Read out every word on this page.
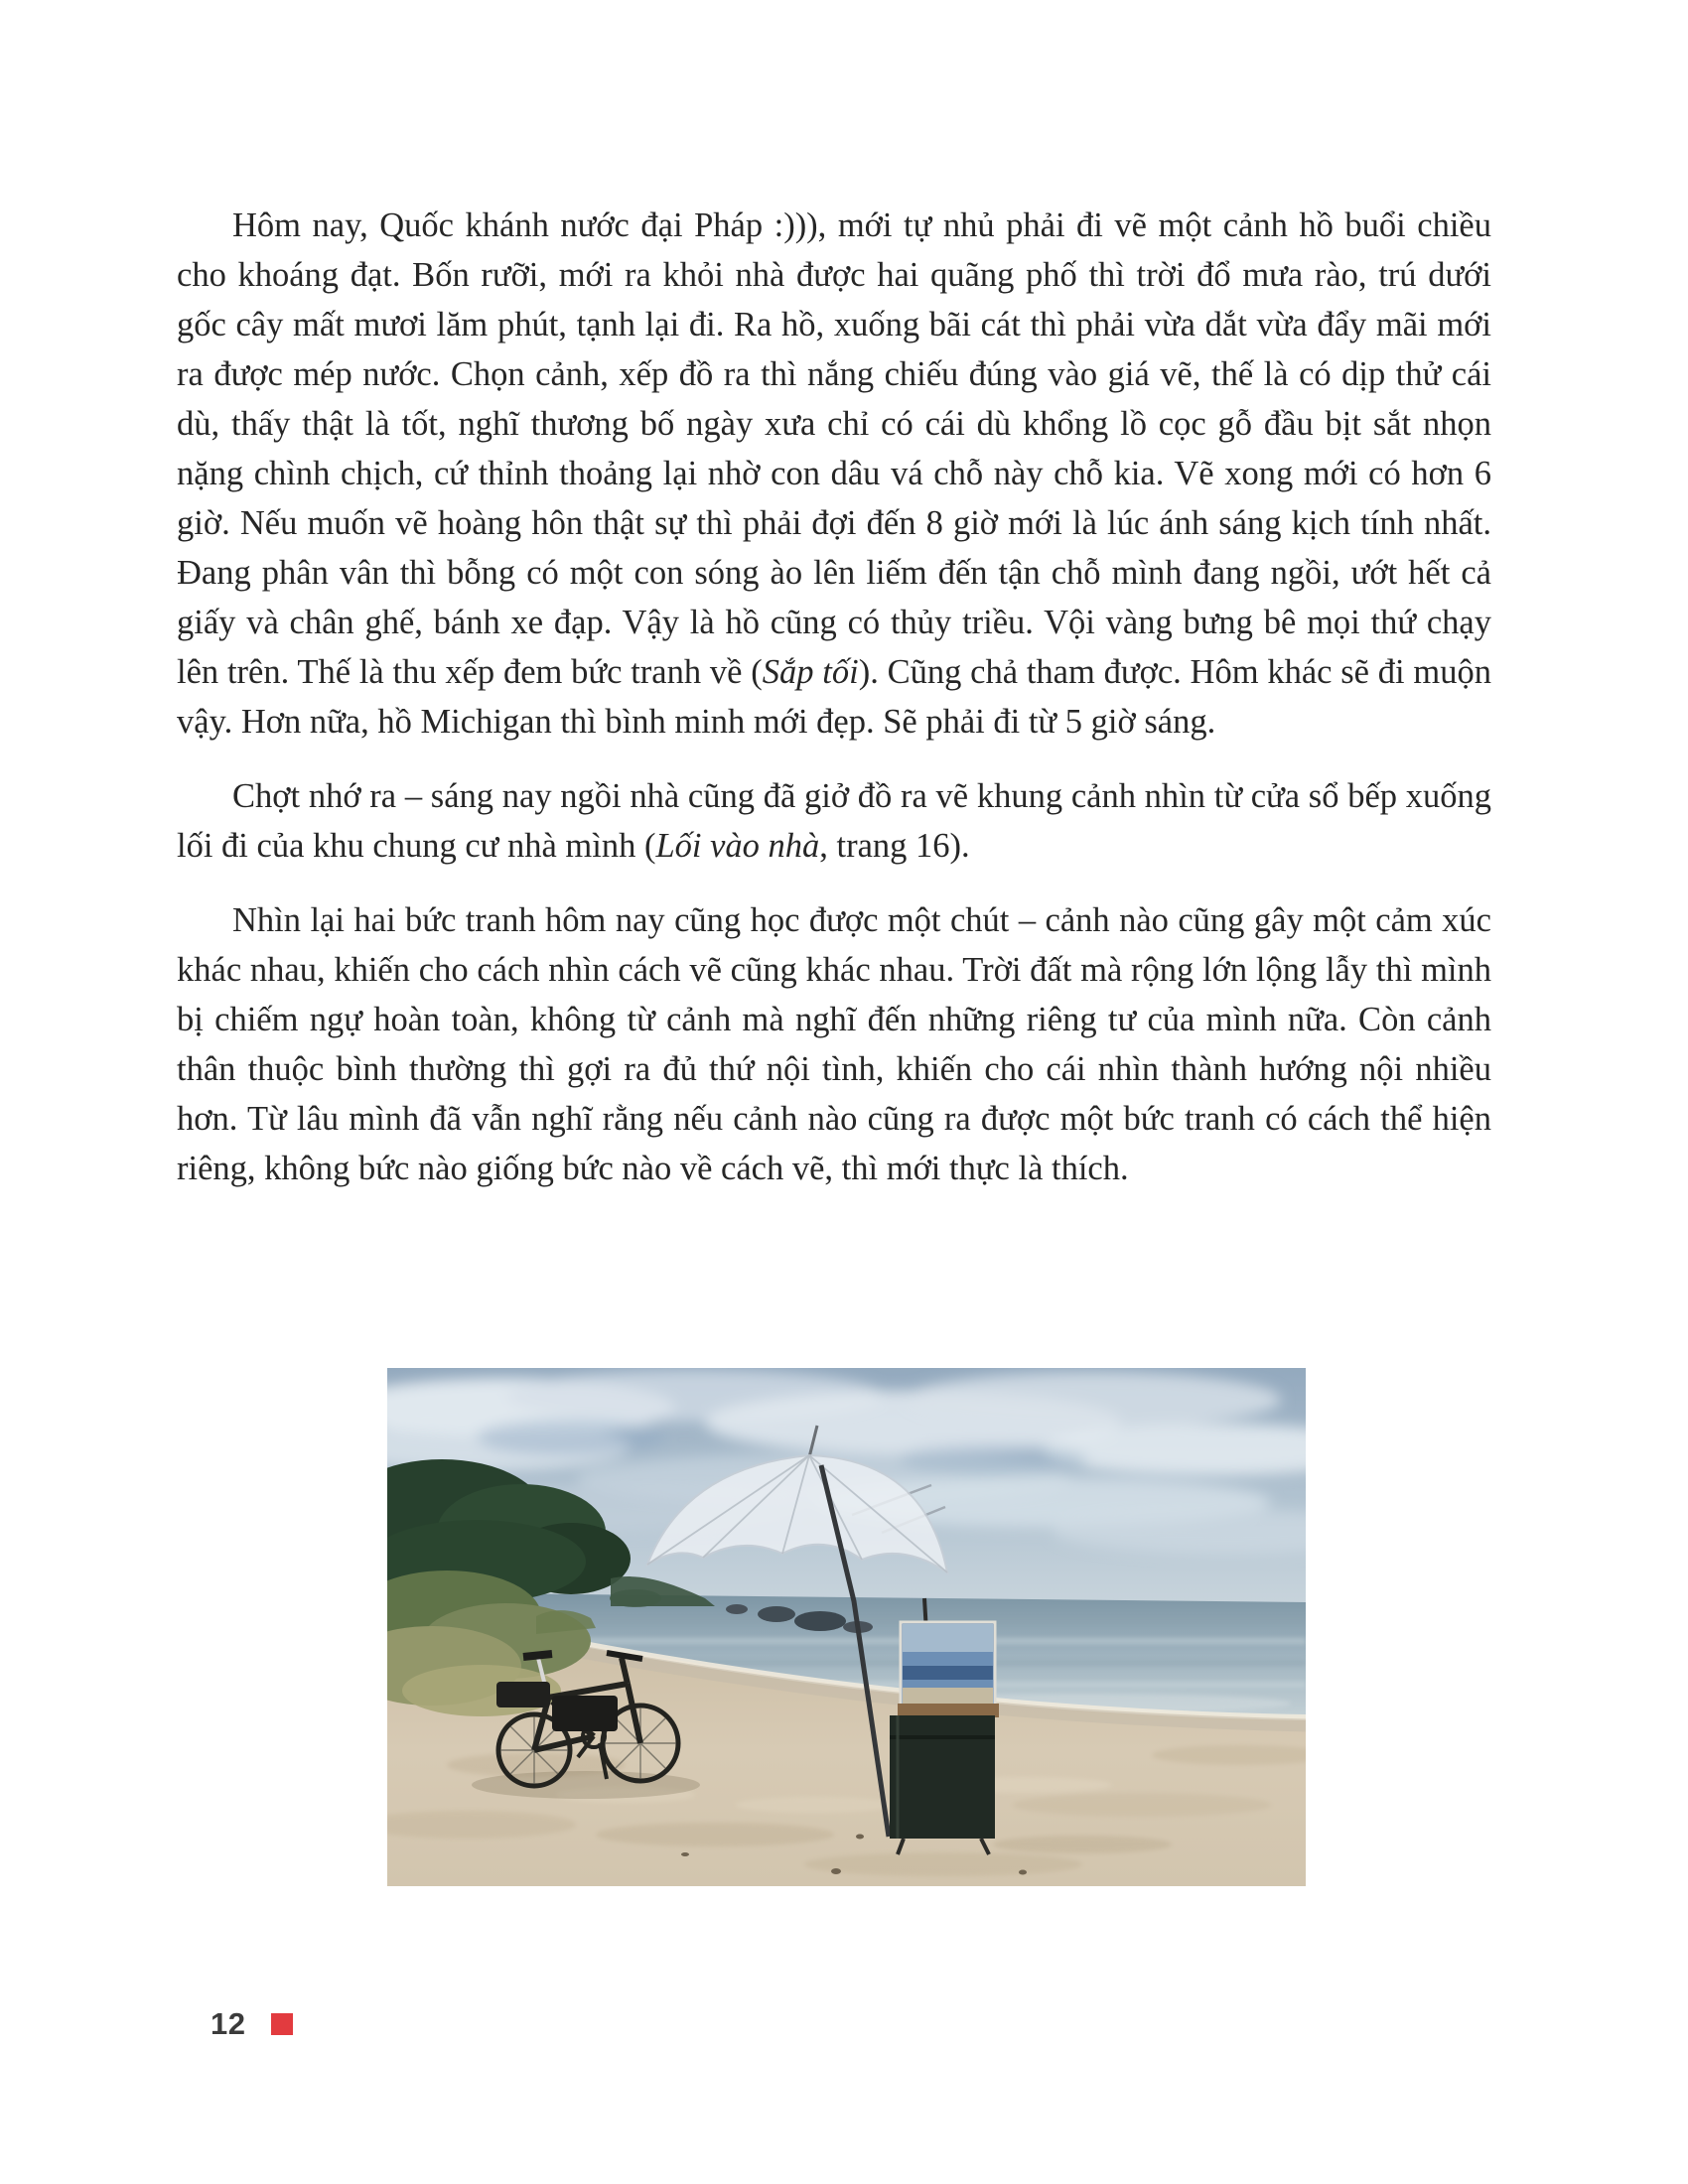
Hôm nay, Quốc khánh nước đại Pháp :))), mới tự nhủ phải đi vẽ một cảnh hồ buổi chiều cho khoáng đạt. Bốn rưỡi, mới ra khỏi nhà được hai quãng phố thì trời đổ mưa rào, trú dưới gốc cây mất mươi lăm phút, tạnh lại đi. Ra hồ, xuống bãi cát thì phải vừa dắt vừa đẩy mãi mới ra được mép nước. Chọn cảnh, xếp đồ ra thì nắng chiếu đúng vào giá vẽ, thế là có dịp thử cái dù, thấy thật là tốt, nghĩ thương bố ngày xưa chỉ có cái dù khổng lồ cọc gỗ đầu bịt sắt nhọn nặng chình chịch, cứ thỉnh thoảng lại nhờ con dâu vá chỗ này chỗ kia. Vẽ xong mới có hơn 6 giờ. Nếu muốn vẽ hoàng hôn thật sự thì phải đợi đến 8 giờ mới là lúc ánh sáng kịch tính nhất. Đang phân vân thì bỗng có một con sóng ào lên liếm đến tận chỗ mình đang ngồi, ướt hết cả giấy và chân ghế, bánh xe đạp. Vậy là hồ cũng có thủy triều. Vội vàng bưng bê mọi thứ chạy lên trên. Thế là thu xếp đem bức tranh về (Sắp tối). Cũng chả tham được. Hôm khác sẽ đi muộn vậy. Hơn nữa, hồ Michigan thì bình minh mới đẹp. Sẽ phải đi từ 5 giờ sáng.

Chợt nhớ ra – sáng nay ngồi nhà cũng đã giở đồ ra vẽ khung cảnh nhìn từ cửa sổ bếp xuống lối đi của khu chung cư nhà mình (Lối vào nhà, trang 16).

Nhìn lại hai bức tranh hôm nay cũng học được một chút – cảnh nào cũng gây một cảm xúc khác nhau, khiến cho cách nhìn cách vẽ cũng khác nhau. Trời đất mà rộng lớn lộng lẫy thì mình bị chiếm ngự hoàn toàn, không từ cảnh mà nghĩ đến những riêng tư của mình nữa. Còn cảnh thân thuộc bình thường thì gợi ra đủ thứ nội tình, khiến cho cái nhìn thành hướng nội nhiều hơn. Từ lâu mình đã vẫn nghĩ rằng nếu cảnh nào cũng ra được một bức tranh có cách thể hiện riêng, không bức nào giống bức nào về cách vẽ, thì mới thực là thích.

12
